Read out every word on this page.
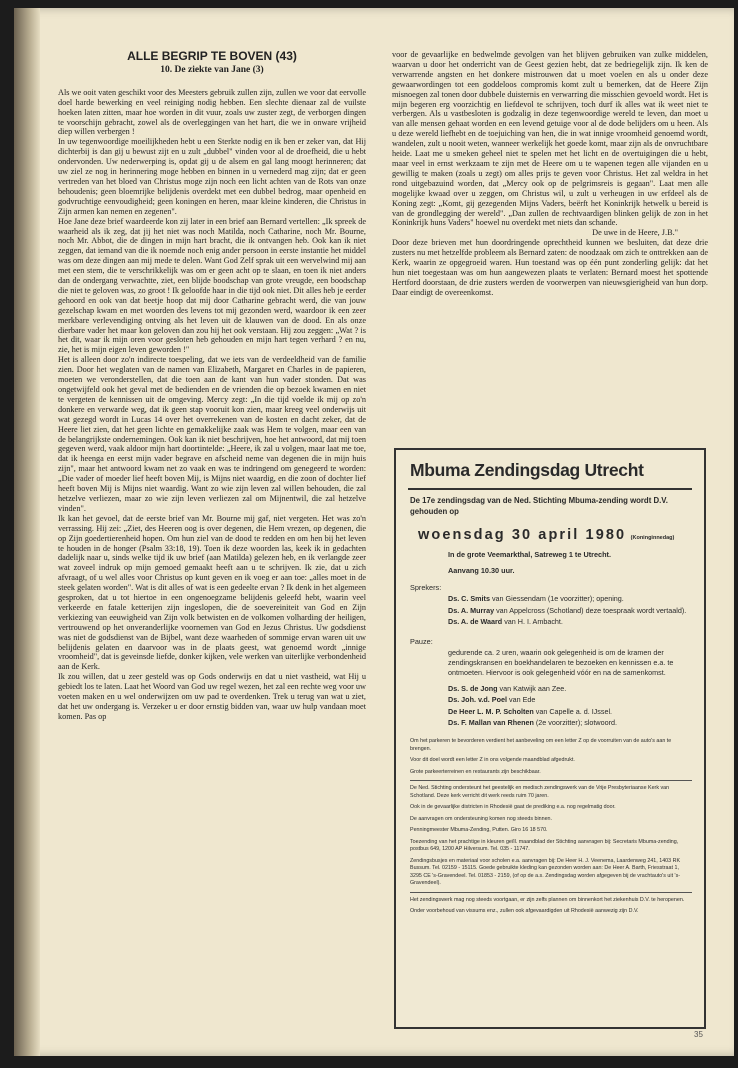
ALLE BEGRIP TE BOVEN (43)
10. De ziekte van Jane (3)

Als we ooit vaten geschikt voor des Meesters gebruik zullen zijn, zullen we voor dat eervolle doel harde bewerking en veel reiniging nodig hebben. Een slechte dienaar zal de vuilste hoeken laten zitten, maar hoe worden in dit vuur, zoals uw zuster zegt, de verborgen dingen te voorschijn gebracht, zowel als de overleggingen van het hart, die we in onware vrijheid diep willen verbergen !

In uw tegenwoordige moeilijkheden hebt u een Sterkte nodig en ik ben er zeker van, dat Hij dichterbij is dan gij u bewust zijt en u zult „dubbel" vinden voor al de droefheid, die u hebt ondervonden. Uw nederwerping is, opdat gij u de alsem en gal lang moogt herinneren; dat uw ziel ze nog in herinnering moge hebben en binnen in u vernederd mag zijn; dat er geen vertreden van het bloed van Christus moge zijn noch een licht achten van de Rots van onze behoudenis; geen bloemrijke belijdenis overdekt met een dubbel bedrog, maar openheid en godvruchtige eenvoudigheid; geen koningen en heren, maar kleine kinderen, die Christus in Zijn armen kan nemen en zegenen".

Hoe Jane deze brief waardeerde kon zij later in een brief aan Bernard vertellen: „Ik spreek de waarheid als ik zeg, dat jij het niet was noch Matilda, noch Catharine, noch Mr. Bourne, noch Mr. Abbot, die de dingen in mijn hart bracht, die ik ontvangen heb. Ook kan ik niet zeggen, dat iemand van die ik noemde noch enig ander persoon in eerste instantie het middel was om deze dingen aan mij mede te delen. Want God Zelf sprak uit een wervelwind mij aan met een stem, die te verschrikkelijk was om er geen acht op te slaan, en toen ik niet anders dan de ondergang verwachtte, ziet, een blijde boodschap van grote vreugde, een boodschap die niet te geloven was, zo groot ! Ik geloofde haar in die tijd ook niet. Dit alles heb je eerder gehoord en ook van dat beetje hoop dat mij door Catharine gebracht werd, die van jouw gezelschap kwam en met woorden des levens tot mij gezonden werd, waardoor ik een zeer merkbare verlevendiging ontving als het leven uit de klauwen van de dood. En als onze dierbare vader het maar kon geloven dan zou hij het ook verstaan. Hij zou zeggen: „Wat ? is het dit, waar ik mijn oren voor gesloten heb gehouden en mijn hart tegen verhard ? en nu, zie, het is mijn eigen leven geworden !"

Het is alleen door zo'n indirecte toespeling, dat we iets van de verdeeldheid van de familie zien. Door het weglaten van de namen van Elizabeth, Margaret en Charles in de papieren, moeten we veronderstellen, dat die toen aan de kant van hun vader stonden. Dat was ongetwijfeld ook het geval met de bedienden en de vrienden die op bezoek kwamen en niet te vergeten de kennissen uit de omgeving. Mercy zegt: „In die tijd voelde ik mij op zo'n donkere en verwarde weg, dat ik geen stap vooruit kon zien, maar kreeg veel onderwijs uit wat gezegd wordt in Lucas 14 over het overrekenen van de kosten en dacht zeker, dat de Heere liet zien, dat het geen lichte en gemakkelijke zaak was Hem te volgen, maar een van de belangrijkste ondernemingen. Ook kan ik niet beschrijven, hoe het antwoord, dat mij toen gegeven werd, vaak aldoor mijn hart doortintelde: „Heere, ik zal u volgen, maar laat me toe, dat ik heenga en eerst mijn vader begrave en afscheid neme van degenen die in mijn huis zijn", maar het antwoord kwam net zo vaak en was te indringend om genegeerd te worden: „Die vader of moeder lief heeft boven Mij, is Mijns niet waardig, en die zoon of dochter lief heeft boven Mij is Mijns niet waardig. Want zo wie zijn leven zal willen behouden, die zal hetzelve verliezen, maar zo wie zijn leven verliezen zal om Mijnentwil, die zal hetzelve vinden".

Ik kan het gevoel, dat de eerste brief van Mr. Bourne mij gaf, niet vergeten. Het was zo'n verrassing. Hij zei: „Ziet, des Heeren oog is over degenen, die Hem vrezen, op degenen, die op Zijn goedertierenheid hopen. Om hun ziel van de dood te redden en om hen bij het leven te houden in de honger (Psalm 33:18, 19). Toen ik deze woorden las, keek ik in gedachten dadelijk naar u, sinds welke tijd ik uw brief (aan Matilda) gelezen heb, en ik verlangde zeer wat zoveel indruk op mijn gemoed gemaakt heeft aan u te schrijven. Ik zie, dat u zich afvraagt, of u wel alles voor Christus op kunt geven en ik voeg er aan toe: „alles moet in de steek gelaten worden". Wat is dit alles of wat is een gedeelte ervan ? Ik denk in het algemeen gesproken, dat u tot hiertoe in een ongenoegzame belijdenis geleefd hebt, waarin veel verkeerde en fatale ketterijen zijn ingeslopen, die de soevereiniteit van God en Zijn verkiezing van eeuwigheid van Zijn volk betwisten en de volkomen volharding der heiligen, vertrouwend op het onveranderlijke voornemen van God en Jezus Christus. Uw godsdienst was niet de godsdienst van de Bijbel, want deze waarheden of sommige ervan waren uit uw belijdenis gelaten en daarvoor was in de plaats geest, wat genoemd wordt „innige vroomheid", dat is geveinsde liefde, donker kijken, vele werken van uiterlijke verbondenheid aan de Kerk.

Ik zou willen, dat u zeer gesteld was op Gods onderwijs en dat u niet vastheid, wat Hij u gebiedt los te laten. Laat het Woord van God uw regel wezen, het zal een rechte weg voor uw voeten maken en u wel onderwijzen om uw pad te overdenken. Trek u terug van wat u ziet, dat het uw ondergang is. Verzeker u er door ernstig bidden van, waar uw hulp vandaan moet komen. Pas op

voor de gevaarlijke en bedwelmde gevolgen van het blijven gebruiken van zulke middelen, waarvan u door het onderricht van de Geest gezien hebt, dat ze bedriegelijk zijn. Ik ken de verwarrende angsten en het donkere mistrouwen dat u moet voelen en als u onder deze gewaarwordingen tot een goddeloos compromis komt zult u bemerken, dat de Heere Zijn misnoegen zal tonen door dubbele duisternis en verwarring die misschien gevoeld wordt. Het is mijn begeren erg voorzichtig en liefdevol te schrijven, toch durf ik alles wat ik weet niet te verbergen. Als u vastbesloten is godzalig in deze tegenwoordige wereld te leven, dan moet u van alle mensen gehaat worden en een levend getuige voor al de dode belijders om u heen. Als u deze wereld liefhebt en de toejuiching van hen, die in wat innige vroomheid genoemd wordt, wandelen, zult u nooit weten, wanneer werkelijk het goede komt, maar zijn als de onvruchtbare heide. Laat me u smeken geheel niet te spelen met het licht en de overtuigingen die u hebt, maar veel in ernst werkzaam te zijn met de Heere om u te wapenen tegen alle vijanden en u gewillig te maken (zoals u zegt) om alles prijs te geven voor Christus. Het zal weldra in het rond uitgebazuind worden, dat „Mercy ook op de pelgrimsreis is gegaan". Laat men alle mogelijke kwaad over u zeggen, om Christus wil, u zult u verheugen in uw erfdeel als de Koning zegt: „Komt, gij gezegenden Mijns Vaders, beërft het Koninkrijk hetwelk u bereid is van de grondlegging der wereld". „Dan zullen de rechtvaardigen blinken gelijk de zon in het Koninkrijk huns Vaders" hoewel nu overdekt met niets dan schande.

De uwe in de Heere, J.B."

Door deze brieven met hun doordringende oprechtheid kunnen we besluiten, dat deze drie zusters nu met hetzelfde probleem als Bernard zaten: de noodzaak om zich te onttrekken aan de Kerk, waarin ze opgegroeid waren. Hun toestand was op één punt zonderling gelijk: dat het hun niet toegestaan was om hun aangewezen plaats te verlaten: Bernard moest het spottende Hertford doorstaan, de drie zusters werden de voorwerpen van nieuwsgierigheid van hun dorp. Daar eindigt de overeenkomst.

Mbuma Zendingsdag Utrecht
De 17e zendingsdag van de Ned. Stichting Mbuma-zending wordt D.V. gehouden op
woensdag 30 april 1980 (Koninginnedag)
In de grote Veemarkthal, Satreweg 1 te Utrecht.
Aanvang 10.30 uur.
Sprekers:
Ds. C. Smits van Giessendam (1e voorzitter); opening.
Ds. A. Murray van Appelcross (Schotland) deze toespraak wordt vertaald).
Ds. A. de Waard van H. I. Ambacht.
Pauze:
gedurende ca. 2 uren, waarin ook gelegenheid is om de kramen der zendingskransen en boekhandelaren te bezoeken en kennissen e.a. te ontmoeten. Hiervoor is ook gelegenheid vóór en na de samenkomst.
Ds. S. de Jong van Katwijk aan Zee.
Ds. Joh. v.d. Poel van Ede
De Heer L. M. P. Scholten van Capelle a. d. IJssel.
Ds. F. Mallan van Rhenen (2e voorzitter); slotwoord.

Om het parkeren te bevorderen verdient het aanbeveling om een letter Z op de voorruiten van de auto's aan te brengen.

Voor dit doel wordt een letter Z in ons volgende maandblad afgedrukt.

Grote parkeerterreinen en restaurants zijn beschikbaar.

De Ned. Stichting ondersteunt het geestelijk en medisch zendingswerk van de Vrije Presbyteriaanse Kerk van Schotland. Deze kerk verricht dit werk reeds ruim 70 jaren.

Ook in de gevaarlijke districten in Rhodesië gaat de prediking e.a. nog regelmatig door.

De aanvragen om ondersteuning komen nog steeds binnen.

Penningmeester Mbuma-Zending, Putten. Giro 16 18 570.

Toezending van het prachtige in kleuren geïll. maandblad der Stichting aanvragen bij: Secretaris Mbuma-zending, postbus 649, 1200 AP Hilversum. Tel. 035 - 11747.

Zendingsbusjes en materiaal voor scholen e.a. aanvragen bij: De Heer H. J. Veenema, Laardenweg 241, 1403 RK Bussum. Tel. 02159 - 15115. Goede gebruikte kleding kan gezonden worden aan: De Heer A. Barth, Friesstraat 1, 3295 CE 's-Gravendeel. Tel. 01853 - 2159, (of op de a.s. Zendingsdag worden afgegeven bij de vrachtauto's uit 's-Gravendeel).

Het zendingswerk mag nog steeds voortgaan, er zijn zelfs plannen om binnenkort het ziekenhuis D.V. te heropenen.

Onder voorbehoud van vissums enz., zullen ook afgevaardigden uit Rhodesië aanwezig zijn D.V.

35
